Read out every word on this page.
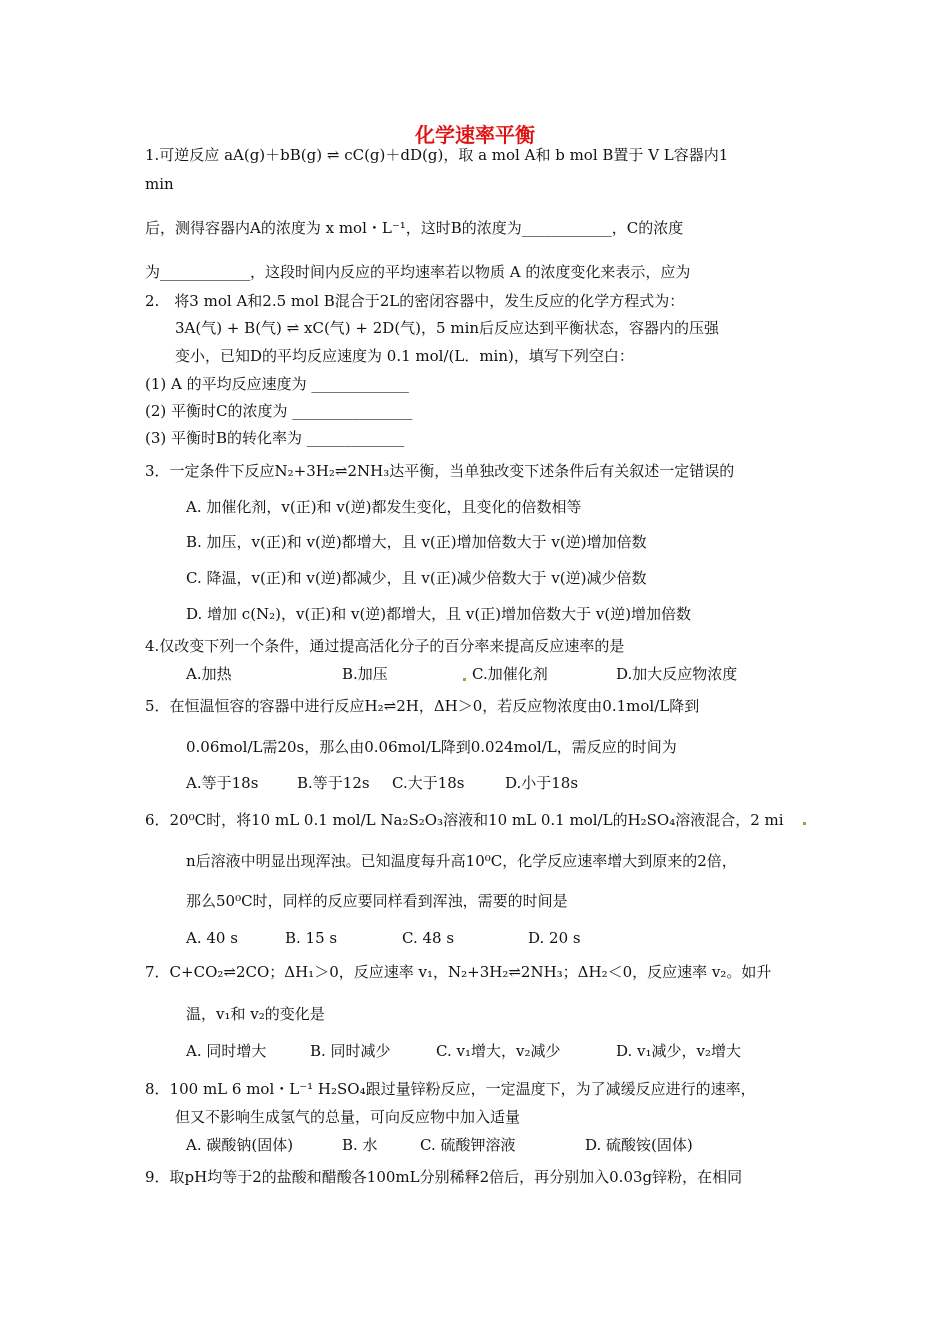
化学速率平衡
1.可逆反应 aA(g)＋bB(g) ⇌ cC(g)＋dD(g)，取 a mol A和 b mol B置于 V L容器内1
min
后，测得容器内A的浓度为 x mol・L⁻¹，这时B的浓度为____________，C的浓度
为____________，这段时间内反应的平均速率若以物质 A 的浓度变化来表示，应为
2.　将3 mol A和2.5 mol B混合于2L的密闭容器中，发生反应的化学方程式为：
3A(气) + B(气) ⇌ xC(气) + 2D(气)，5 min后反应达到平衡状态，容器内的压强
变小，已知D的平均反应速度为 0.1 mol/(L．min)，填写下列空白：
(1) A 的平均反应速度为 _____________
(2) 平衡时C的浓度为 ________________
(3) 平衡时B的转化率为 _____________
3．一定条件下反应N₂+3H₂⇌2NH₃达平衡，当单独改变下述条件后有关叙述一定错误的
A. 加催化剂，v(正)和 v(逆)都发生变化，且变化的倍数相等
B. 加压，v(正)和 v(逆)都增大，且 v(正)增加倍数大于 v(逆)增加倍数
C. 降温，v(正)和 v(逆)都减少，且 v(正)减少倍数大于 v(逆)减少倍数
D. 增加 c(N₂)，v(正)和 v(逆)都增大，且 v(正)增加倍数大于 v(逆)增加倍数
4.仅改变下列一个条件，通过提高活化分子的百分率来提高反应速率的是
A.加热	B.加压	C.加催化剂	D.加大反应物浓度
5．在恒温恒容的容器中进行反应H₂⇌2H，ΔH＞0，若反应物浓度由0.1mol/L降到
0.06mol/L需20s，那么由0.06mol/L降到0.024mol/L，需反应的时间为
A.等于18s	B.等于12s C.大于18s	D.小于18s
6．20⁰C时，将10 mL 0.1 mol/L Na₂S₂O₃溶液和10 mL 0.1 mol/L的H₂SO₄溶液混合，2 mi
n后溶液中明显出现浑浊。已知温度每升高10⁰C，化学反应速率增大到原来的2倍，
那么50⁰C时，同样的反应要同样看到浑浊，需要的时间是
A. 40 s	B. 15 s	C. 48 s	D. 20 s
7．C+CO₂⇌2CO；ΔH₁＞0，反应速率 v₁，N₂+3H₂⇌2NH₃；ΔH₂＜0，反应速率 v₂。如升
温，v₁和 v₂的变化是
A. 同时增大	B. 同时减少	C. v₁增大，v₂减少	D. v₁减少，v₂增大
8．100 mL 6 mol・L⁻¹ H₂SO₄跟过量锌粉反应，一定温度下，为了减缓反应进行的速率，
但又不影响生成氢气的总量，可向反应物中加入适量
A. 碳酸钠(固体)	B. 水	C. 硫酸钾溶液	D. 硫酸铵(固体)
9．取pH均等于2的盐酸和醋酸各100mL分别稀释2倍后，再分别加入0.03g锌粉，在相同
